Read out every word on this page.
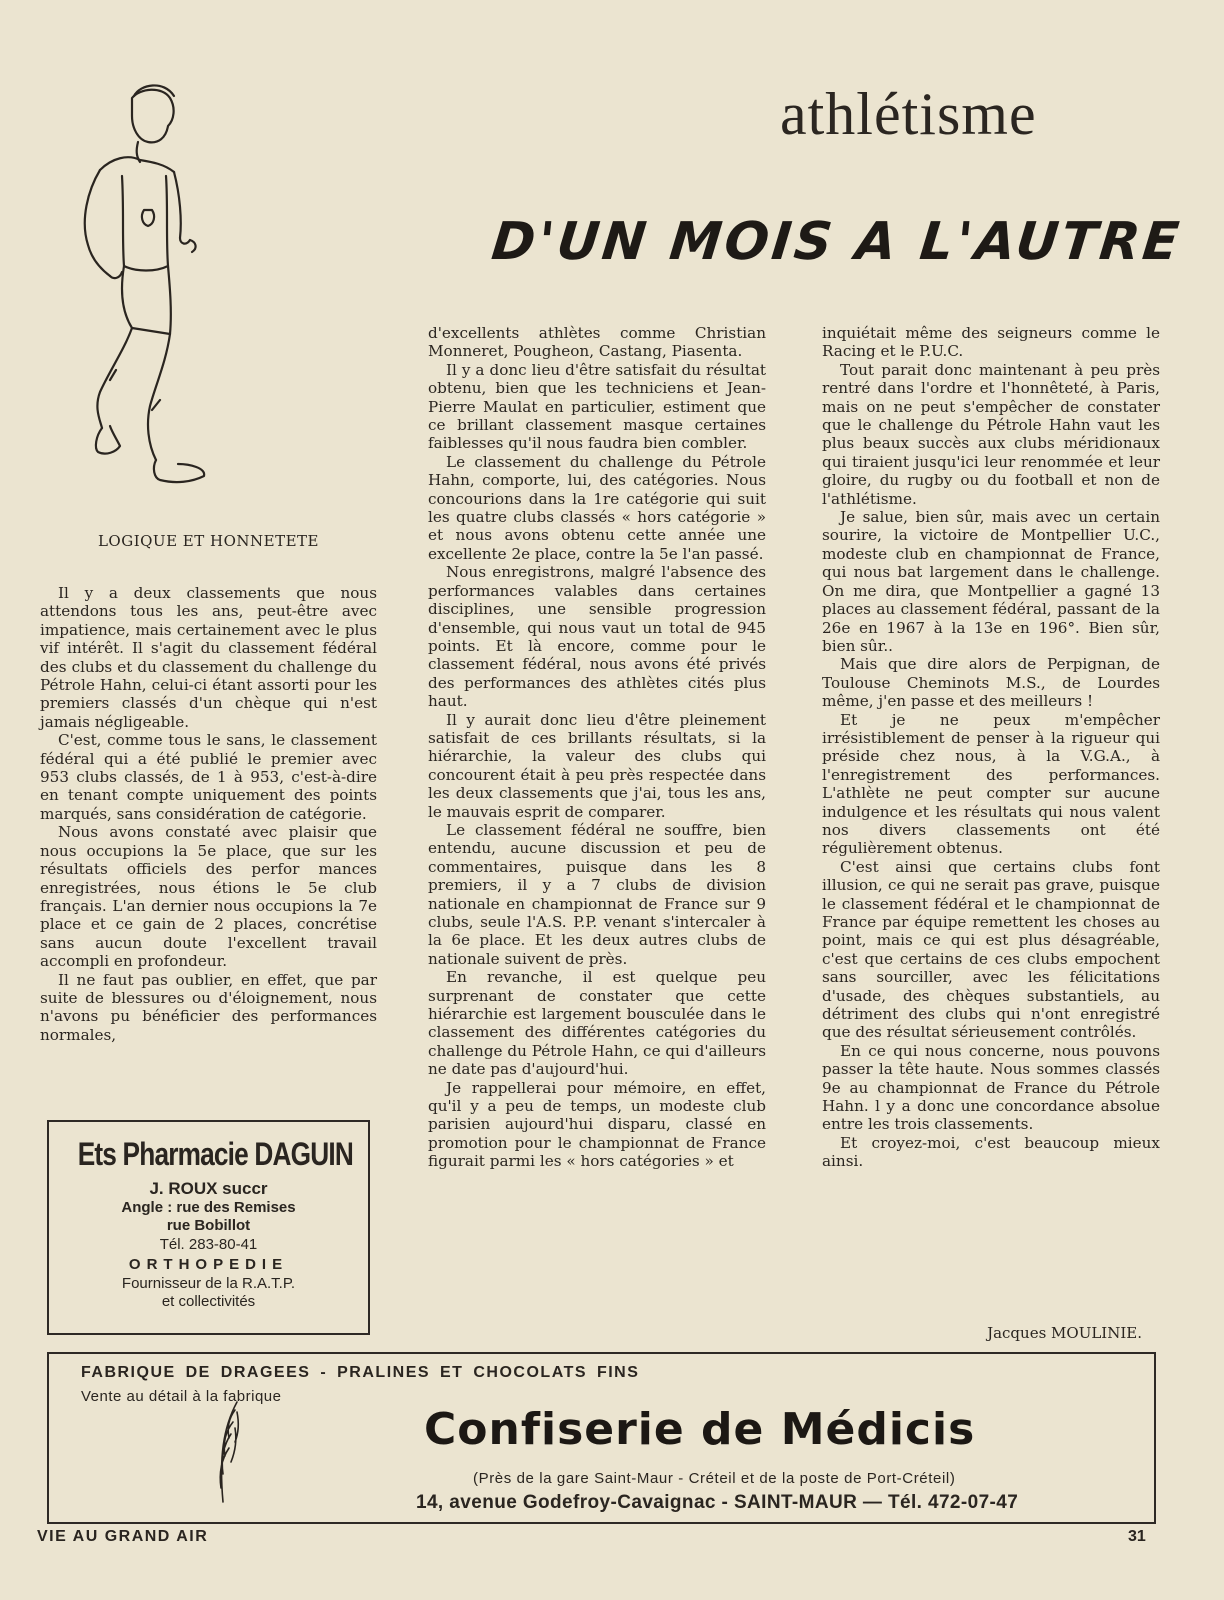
athlétisme
D'UN MOIS A L'AUTRE
LOGIQUE ET HONNETETE

Il y a deux classements que nous attendons tous les ans, peut-être avec impatience, mais certainement avec le plus vif intérêt. Il s'agit du classement fédéral des clubs et du classement du challenge du Pétrole Hahn, celui-ci étant assorti pour les premiers classés d'un chèque qui n'est jamais négligeable.

C'est, comme tous le sans, le classement fédéral qui a été publié le premier avec 953 clubs classés, de 1 à 953, c'est-à-dire en tenant compte uniquement des points marqués, sans considération de catégorie.

Nous avons constaté avec plaisir que nous occupions la 5e place, que sur les résultats officiels des perfor mances enregistrées, nous étions le 5e club français. L'an dernier nous occupions la 7e place et ce gain de 2 places, concrétise sans aucun doute l'excellent travail accompli en profondeur.

Il ne faut pas oublier, en effet, que par suite de blessures ou d'éloignement, nous n'avons pu bénéficier des performances normales,

d'excellents athlètes comme Christian Monneret, Pougheon, Castang, Piasenta.

Il y a donc lieu d'être satisfait du résultat obtenu, bien que les techniciens et Jean-Pierre Maulat en particulier, estiment que ce brillant classement masque certaines faiblesses qu'il nous faudra bien combler.

Le classement du challenge du Pétrole Hahn, comporte, lui, des catégories. Nous concourions dans la 1re catégorie qui suit les quatre clubs classés « hors catégorie » et nous avons obtenu cette année une excellente 2e place, contre la 5e l'an passé.

Nous enregistrons, malgré l'absence des performances valables dans certaines disciplines, une sensible progression d'ensemble, qui nous vaut un total de 945 points. Et là encore, comme pour le classement fédéral, nous avons été privés des performances des athlètes cités plus haut.

Il y aurait donc lieu d'être pleinement satisfait de ces brillants résultats, si la hiérarchie, la valeur des clubs qui concourent était à peu près respectée dans les deux classements que j'ai, tous les ans, le mauvais esprit de comparer.

Le classement fédéral ne souffre, bien entendu, aucune discussion et peu de commentaires, puisque dans les 8 premiers, il y a 7 clubs de division nationale en championnat de France sur 9 clubs, seule l'A.S. P.P. venant s'intercaler à la 6e place. Et les deux autres clubs de nationale suivent de près.

En revanche, il est quelque peu surprenant de constater que cette hiérarchie est largement bousculée dans le classement des différentes catégories du challenge du Pétrole Hahn, ce qui d'ailleurs ne date pas d'aujourd'hui.

Je rappellerai pour mémoire, en effet, qu'il y a peu de temps, un modeste club parisien aujourd'hui disparu, classé en promotion pour le championnat de France figurait parmi les « hors catégories » et

inquiétait même des seigneurs comme le Racing et le P.U.C.

Tout parait donc maintenant à peu près rentré dans l'ordre et l'honnêteté, à Paris, mais on ne peut s'empêcher de constater que le challenge du Pétrole Hahn vaut les plus beaux succès aux clubs méridionaux qui tiraient jusqu'ici leur renommée et leur gloire, du rugby ou du football et non de l'athlétisme.

Je salue, bien sûr, mais avec un certain sourire, la victoire de Montpellier U.C., modeste club en championnat de France, qui nous bat largement dans le challenge. On me dira, que Montpellier a gagné 13 places au classement fédéral, passant de la 26e en 1967 à la 13e en 196°. Bien sûr, bien sûr..

Mais que dire alors de Perpignan, de Toulouse Cheminots M.S., de Lourdes même, j'en passe et des meilleurs !

Et je ne peux m'empêcher irrésistiblement de penser à la rigueur qui préside chez nous, à la V.G.A., à l'enregistrement des performances. L'athlète ne peut compter sur aucune indulgence et les résultats qui nous valent nos divers classements ont été régulièrement obtenus.

C'est ainsi que certains clubs font illusion, ce qui ne serait pas grave, puisque le classement fédéral et le championnat de France par équipe remettent les choses au point, mais ce qui est plus désagréable, c'est que certains de ces clubs empochent sans sourciller, avec les félicitations d'usade, des chèques substantiels, au détriment des clubs qui n'ont enregistré que des résultat sérieusement contrôlés.

En ce qui nous concerne, nous pouvons passer la tête haute. Nous sommes classés 9e au championnat de France du Pétrole Hahn. l y a donc une concordance absolue entre les trois classements.

Et croyez-moi, c'est beaucoup mieux ainsi.

Jacques MOULINIE.
Ets Pharmacie DAGUIN
J. ROUX succr
Angle : rue des Remises
rue Bobillot
Tél. 283-80-41
ORTHOPEDIE
Fournisseur de la R.A.T.P.
et collectivités
FABRIQUE DE DRAGEES - PRALINES ET CHOCOLATS FINS
Vente au détail à la fabrique
Confiserie de Médicis
(Près de la gare Saint-Maur - Créteil et de la poste de Port-Créteil)
14, avenue Godefroy-Cavaignac - SAINT-MAUR — Tél. 472-07-47
VIE AU GRAND AIR	31
